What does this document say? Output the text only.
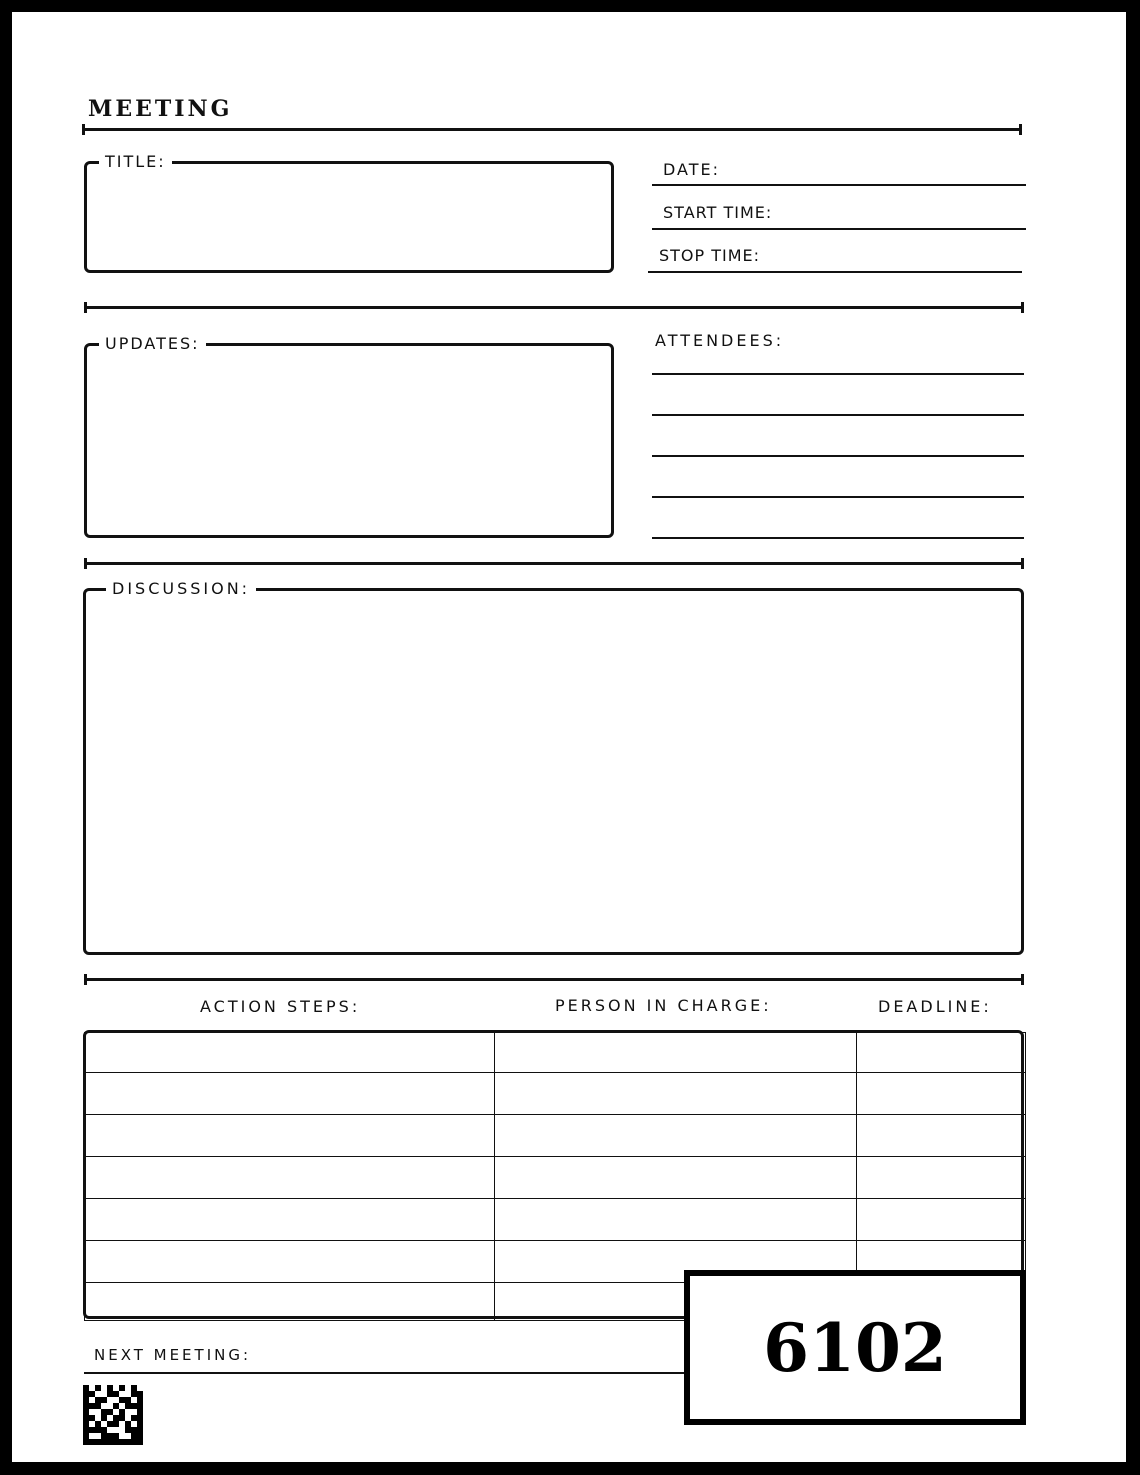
MEETING
TITLE:	DATE:
START TIME:
STOP TIME:
UPDATES:	ATTENDEES:
DISCUSSION:
ACTION STEPS:	PERSON IN CHARGE:	DEADLINE:

NEXT MEETING:	6102
